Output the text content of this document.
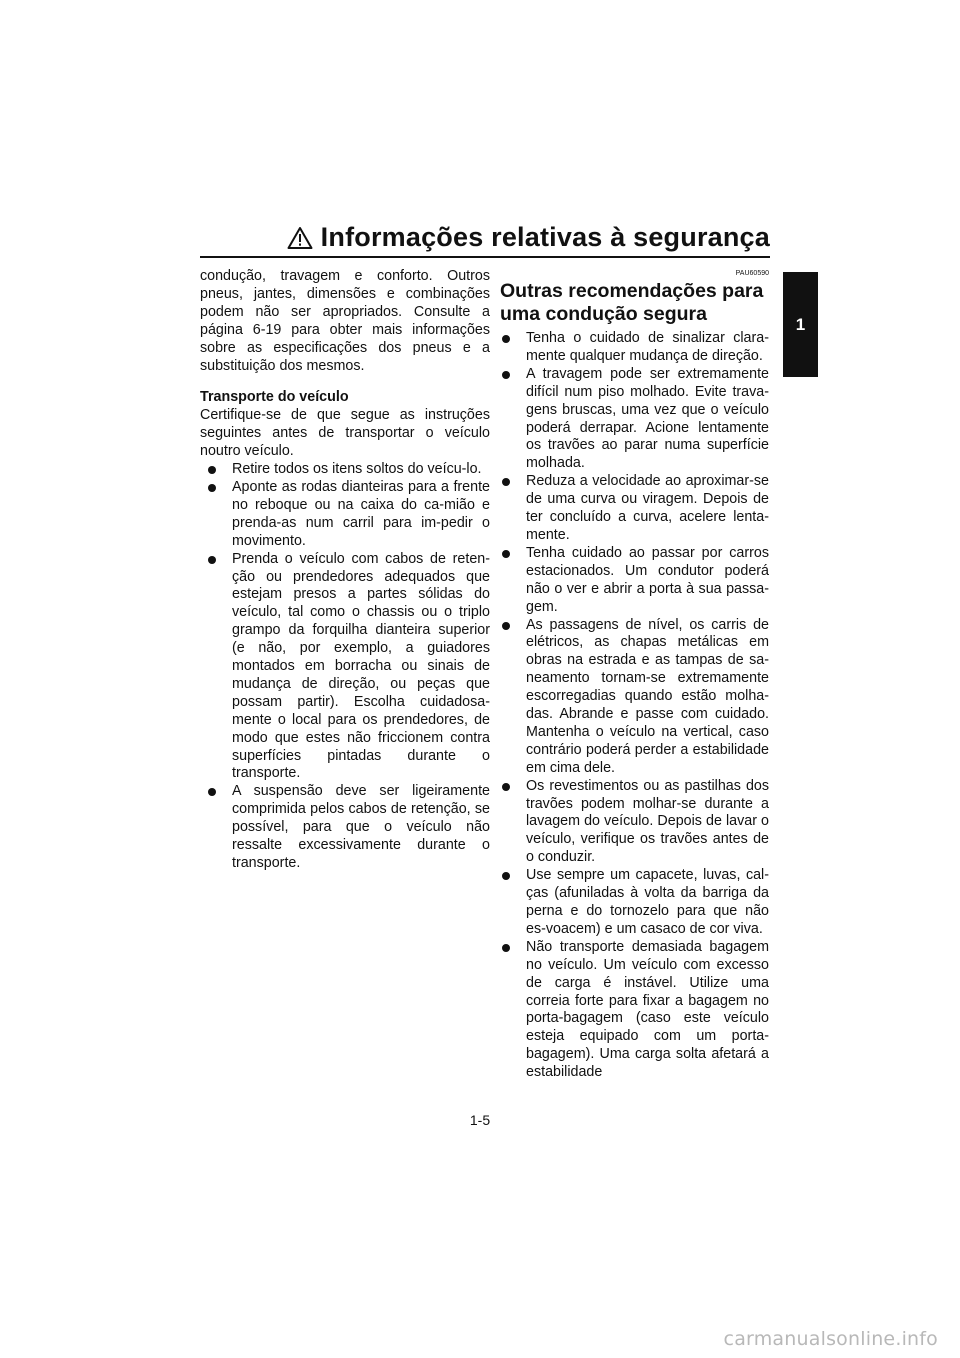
Informações relativas à segurança
1

condução, travagem e conforto. Outros pneus, jantes, dimensões e combinações podem não ser apropriados. Consulte a página 6-19 para obter mais informações sobre as especificações dos pneus e a substituição dos mesmos.

Transporte do veículo

Certifique-se de que segue as instruções seguintes antes de transportar o veículo noutro veículo.

Retire todos os itens soltos do veícu-lo.
Aponte as rodas dianteiras para a frente no reboque ou na caixa do ca-mião e prenda-as num carril para im-pedir o movimento.
Prenda o veículo com cabos de reten-ção ou prendedores adequados que estejam presos a partes sólidas do veículo, tal como o chassis ou o triplo grampo da forquilha dianteira superior (e não, por exemplo, a guiadores montados em borracha ou sinais de mudança de direção, ou peças que possam partir). Escolha cuidadosa-mente o local para os prendedores, de modo que estes não friccionem contra superfícies pintadas durante o transporte.
A suspensão deve ser ligeiramente comprimida pelos cabos de retenção, se possível, para que o veículo não ressalte excessivamente durante o transporte.
PAU60590
Outras recomendações para uma condução segura
Tenha o cuidado de sinalizar clara-mente qualquer mudança de direção.
A travagem pode ser extremamente difícil num piso molhado. Evite trava-gens bruscas, uma vez que o veículo poderá derrapar. Acione lentamente os travões ao parar numa superfície molhada.
Reduza a velocidade ao aproximar-se de uma curva ou viragem. Depois de ter concluído a curva, acelere lenta-mente.
Tenha cuidado ao passar por carros estacionados. Um condutor poderá não o ver e abrir a porta à sua passa-gem.
As passagens de nível, os carris de elétricos, as chapas metálicas em obras na estrada e as tampas de sa-neamento tornam-se extremamente escorregadias quando estão molha-das. Abrande e passe com cuidado. Mantenha o veículo na vertical, caso contrário poderá perder a estabilidade em cima dele.
Os revestimentos ou as pastilhas dos travões podem molhar-se durante a lavagem do veículo. Depois de lavar o veículo, verifique os travões antes de o conduzir.
Use sempre um capacete, luvas, cal-ças (afuniladas à volta da barriga da perna e do tornozelo para que não es-voacem) e um casaco de cor viva.
Não transporte demasiada bagagem no veículo. Um veículo com excesso de carga é instável. Utilize uma correia forte para fixar a bagagem no porta-bagagem (caso este veículo esteja equipado com um porta-bagagem). Uma carga solta afetará a estabilidade
1-5
carmanualsonline.info
